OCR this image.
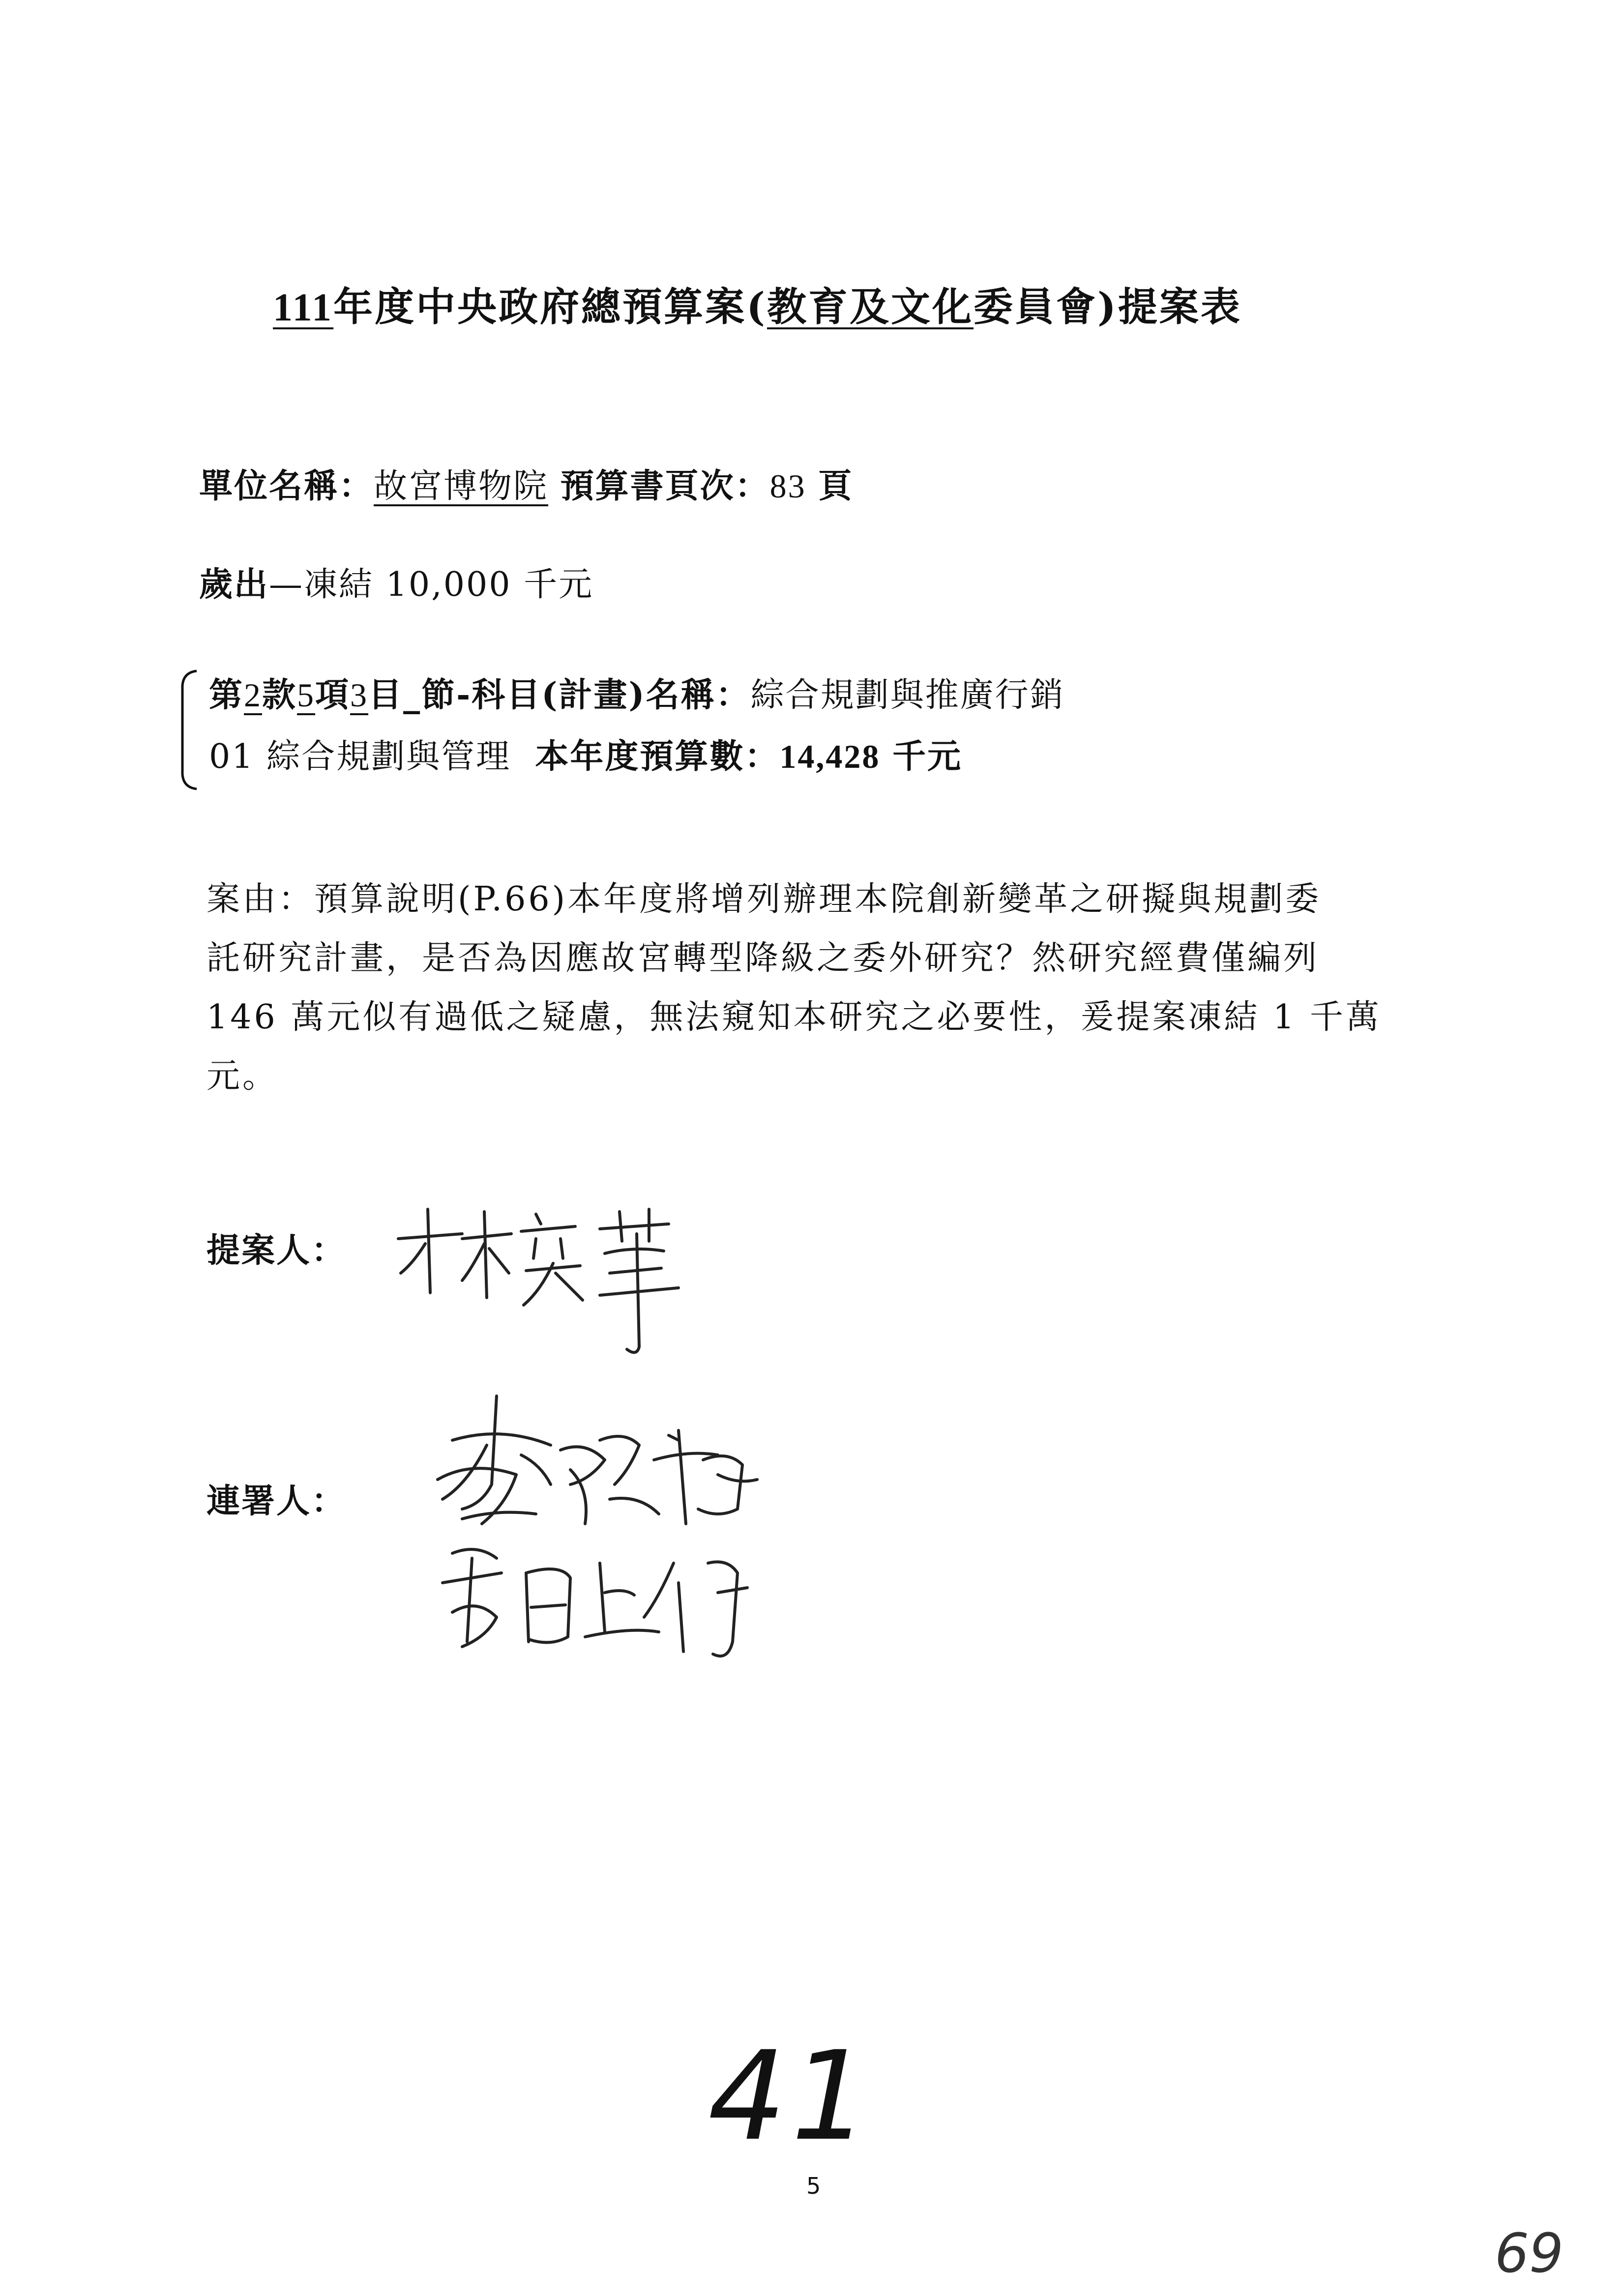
111年度中央政府總預算案(教育及文化委員會)提案表
單位名稱：故宮博物院 預算書頁次：83 頁
歲出—凍結 10,000 千元
第2款5項3目_節-科目(計畫)名稱：綜合規劃與推廣行銷
01 綜合規劃與管理 本年度預算數：14,428 千元
案由：預算說明(P.66)本年度將增列辦理本院創新變革之研擬與規劃委
託研究計畫，是否為因應故宮轉型降級之委外研究？然研究經費僅編列
146 萬元似有過低之疑慮，無法窺知本研究之必要性，爰提案凍結 1 千萬
元。
提案人：
連署人：
41
5
69
